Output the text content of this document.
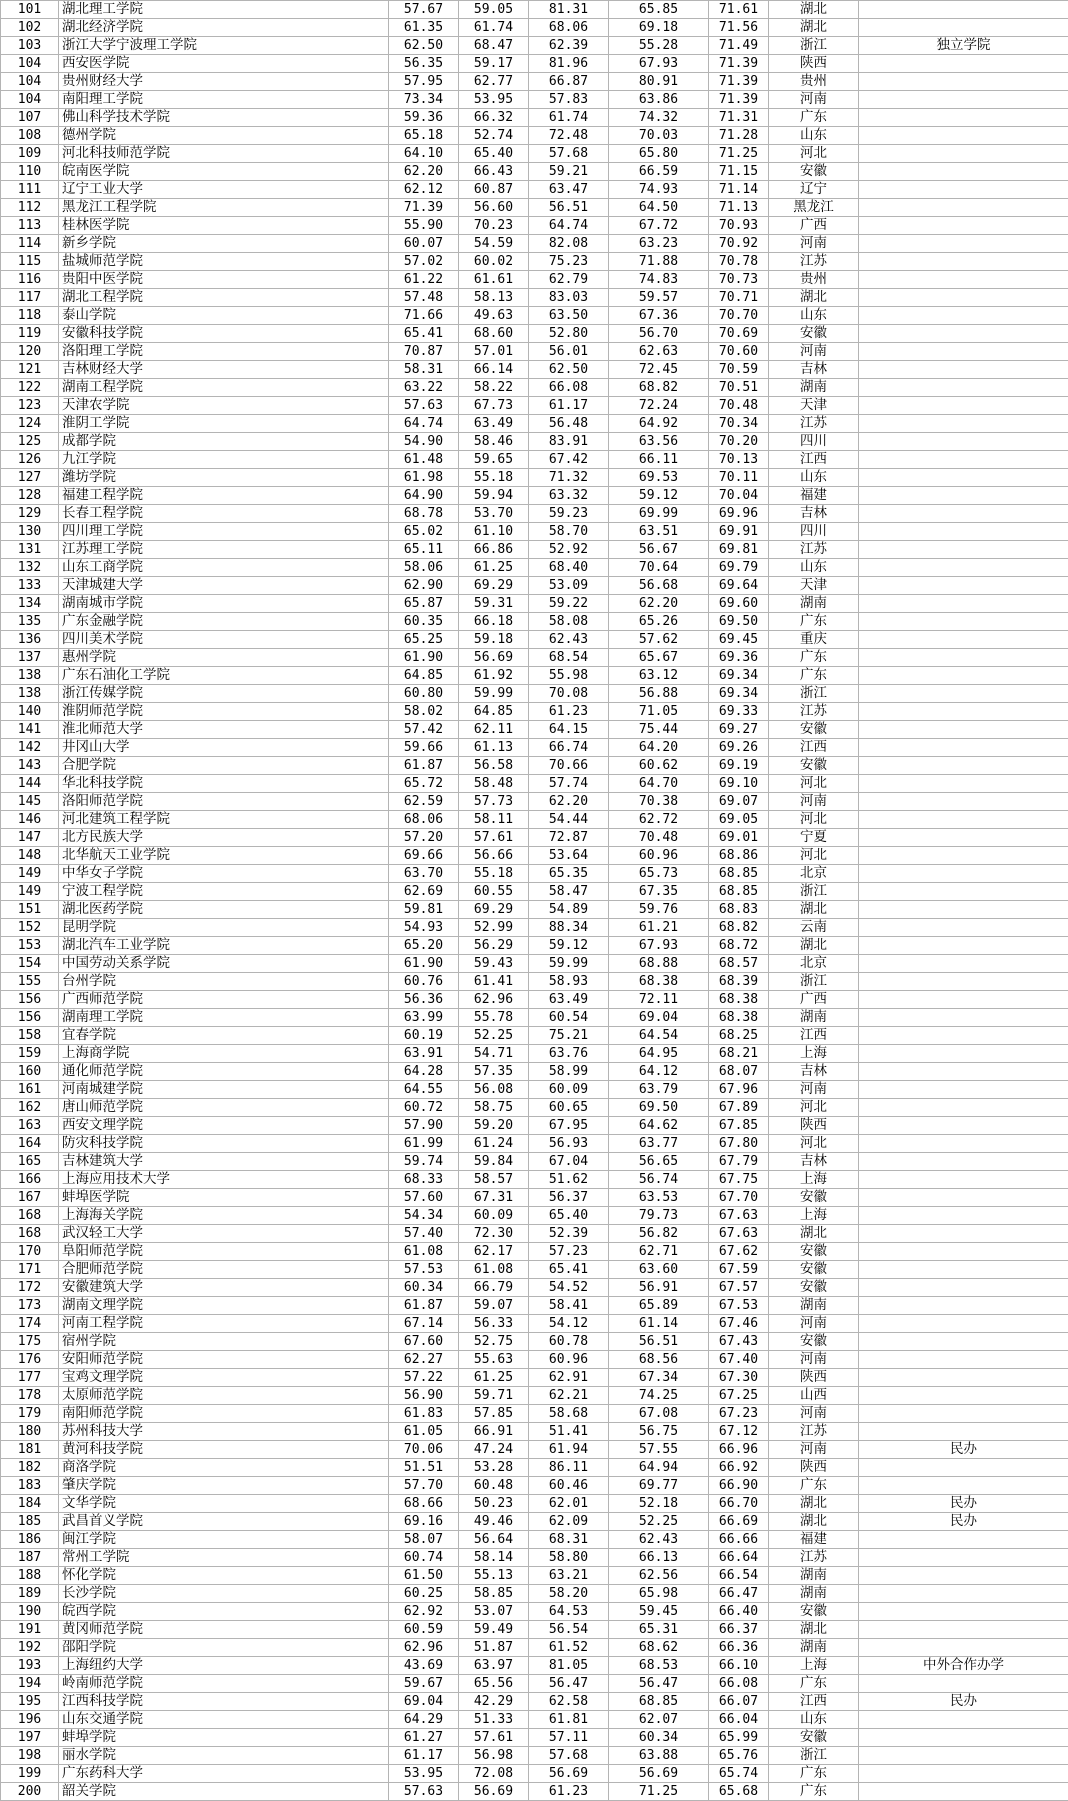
101	湖北理工学院	57.67	59.05	81.31	65.85	71.61	湖北	
102	湖北经济学院	61.35	61.74	68.06	69.18	71.56	湖北	
103	浙江大学宁波理工学院	62.50	68.47	62.39	55.28	71.49	浙江	独立学院
104	西安医学院	56.35	59.17	81.96	67.93	71.39	陕西	
104	贵州财经大学	57.95	62.77	66.87	80.91	71.39	贵州	
104	南阳理工学院	73.34	53.95	57.83	63.86	71.39	河南	
107	佛山科学技术学院	59.36	66.32	61.74	74.32	71.31	广东	
108	德州学院	65.18	52.74	72.48	70.03	71.28	山东	
109	河北科技师范学院	64.10	65.40	57.68	65.80	71.25	河北	
110	皖南医学院	62.20	66.43	59.21	66.59	71.15	安徽	
111	辽宁工业大学	62.12	60.87	63.47	74.93	71.14	辽宁	
112	黑龙江工程学院	71.39	56.60	56.51	64.50	71.13	黑龙江	
113	桂林医学院	55.90	70.23	64.74	67.72	70.93	广西	
114	新乡学院	60.07	54.59	82.08	63.23	70.92	河南	
115	盐城师范学院	57.02	60.02	75.23	71.88	70.78	江苏	
116	贵阳中医学院	61.22	61.61	62.79	74.83	70.73	贵州	
117	湖北工程学院	57.48	58.13	83.03	59.57	70.71	湖北	
118	泰山学院	71.66	49.63	63.50	67.36	70.70	山东	
119	安徽科技学院	65.41	68.60	52.80	56.70	70.69	安徽	
120	洛阳理工学院	70.87	57.01	56.01	62.63	70.60	河南	
121	吉林财经大学	58.31	66.14	62.50	72.45	70.59	吉林	
122	湖南工程学院	63.22	58.22	66.08	68.82	70.51	湖南	
123	天津农学院	57.63	67.73	61.17	72.24	70.48	天津	
124	淮阴工学院	64.74	63.49	56.48	64.92	70.34	江苏	
125	成都学院	54.90	58.46	83.91	63.56	70.20	四川	
126	九江学院	61.48	59.65	67.42	66.11	70.13	江西	
127	潍坊学院	61.98	55.18	71.32	69.53	70.11	山东	
128	福建工程学院	64.90	59.94	63.32	59.12	70.04	福建	
129	长春工程学院	68.78	53.70	59.23	69.99	69.96	吉林	
130	四川理工学院	65.02	61.10	58.70	63.51	69.91	四川	
131	江苏理工学院	65.11	66.86	52.92	56.67	69.81	江苏	
132	山东工商学院	58.06	61.25	68.40	70.64	69.79	山东	
133	天津城建大学	62.90	69.29	53.09	56.68	69.64	天津	
134	湖南城市学院	65.87	59.31	59.22	62.20	69.60	湖南	
135	广东金融学院	60.35	66.18	58.08	65.26	69.50	广东	
136	四川美术学院	65.25	59.18	62.43	57.62	69.45	重庆	
137	惠州学院	61.90	56.69	68.54	65.67	69.36	广东	
138	广东石油化工学院	64.85	61.92	55.98	63.12	69.34	广东	
138	浙江传媒学院	60.80	59.99	70.08	56.88	69.34	浙江	
140	淮阴师范学院	58.02	64.85	61.23	71.05	69.33	江苏	
141	淮北师范大学	57.42	62.11	64.15	75.44	69.27	安徽	
142	井冈山大学	59.66	61.13	66.74	64.20	69.26	江西	
143	合肥学院	61.87	56.58	70.66	60.62	69.19	安徽	
144	华北科技学院	65.72	58.48	57.74	64.70	69.10	河北	
145	洛阳师范学院	62.59	57.73	62.20	70.38	69.07	河南	
146	河北建筑工程学院	68.06	58.11	54.44	62.72	69.05	河北	
147	北方民族大学	57.20	57.61	72.87	70.48	69.01	宁夏	
148	北华航天工业学院	69.66	56.66	53.64	60.96	68.86	河北	
149	中华女子学院	63.70	55.18	65.35	65.73	68.85	北京	
149	宁波工程学院	62.69	60.55	58.47	67.35	68.85	浙江	
151	湖北医药学院	59.81	69.29	54.89	59.76	68.83	湖北	
152	昆明学院	54.93	52.99	88.34	61.21	68.82	云南	
153	湖北汽车工业学院	65.20	56.29	59.12	67.93	68.72	湖北	
154	中国劳动关系学院	61.90	59.43	59.99	68.88	68.57	北京	
155	台州学院	60.76	61.41	58.93	68.38	68.39	浙江	
156	广西师范学院	56.36	62.96	63.49	72.11	68.38	广西	
156	湖南理工学院	63.99	55.78	60.54	69.04	68.38	湖南	
158	宜春学院	60.19	52.25	75.21	64.54	68.25	江西	
159	上海商学院	63.91	54.71	63.76	64.95	68.21	上海	
160	通化师范学院	64.28	57.35	58.99	64.12	68.07	吉林	
161	河南城建学院	64.55	56.08	60.09	63.79	67.96	河南	
162	唐山师范学院	60.72	58.75	60.65	69.50	67.89	河北	
163	西安文理学院	57.90	59.20	67.95	64.62	67.85	陕西	
164	防灾科技学院	61.99	61.24	56.93	63.77	67.80	河北	
165	吉林建筑大学	59.74	59.84	67.04	56.65	67.79	吉林	
166	上海应用技术大学	68.33	58.57	51.62	56.74	67.75	上海	
167	蚌埠医学院	57.60	67.31	56.37	63.53	67.70	安徽	
168	上海海关学院	54.34	60.09	65.40	79.73	67.63	上海	
168	武汉轻工大学	57.40	72.30	52.39	56.82	67.63	湖北	
170	阜阳师范学院	61.08	62.17	57.23	62.71	67.62	安徽	
171	合肥师范学院	57.53	61.08	65.41	63.60	67.59	安徽	
172	安徽建筑大学	60.34	66.79	54.52	56.91	67.57	安徽	
173	湖南文理学院	61.87	59.07	58.41	65.89	67.53	湖南	
174	河南工程学院	67.14	56.33	54.12	61.14	67.46	河南	
175	宿州学院	67.60	52.75	60.78	56.51	67.43	安徽	
176	安阳师范学院	62.27	55.63	60.96	68.56	67.40	河南	
177	宝鸡文理学院	57.22	61.25	62.91	67.34	67.30	陕西	
178	太原师范学院	56.90	59.71	62.21	74.25	67.25	山西	
179	南阳师范学院	61.83	57.85	58.68	67.08	67.23	河南	
180	苏州科技大学	61.05	66.91	51.41	56.75	67.12	江苏	
181	黄河科技学院	70.06	47.24	61.94	57.55	66.96	河南	民办
182	商洛学院	51.51	53.28	86.11	64.94	66.92	陕西	
183	肇庆学院	57.70	60.48	60.46	69.77	66.90	广东	
184	文华学院	68.66	50.23	62.01	52.18	66.70	湖北	民办
185	武昌首义学院	69.16	49.46	62.09	52.25	66.69	湖北	民办
186	闽江学院	58.07	56.64	68.31	62.43	66.66	福建	
187	常州工学院	60.74	58.14	58.80	66.13	66.64	江苏	
188	怀化学院	61.50	55.13	63.21	62.56	66.54	湖南	
189	长沙学院	60.25	58.85	58.20	65.98	66.47	湖南	
190	皖西学院	62.92	53.07	64.53	59.45	66.40	安徽	
191	黄冈师范学院	60.59	59.49	56.54	65.31	66.37	湖北	
192	邵阳学院	62.96	51.87	61.52	68.62	66.36	湖南	
193	上海纽约大学	43.69	63.97	81.05	68.53	66.10	上海	中外合作办学
194	岭南师范学院	59.67	65.56	56.47	56.47	66.08	广东	
195	江西科技学院	69.04	42.29	62.58	68.85	66.07	江西	民办
196	山东交通学院	64.29	51.33	61.81	62.07	66.04	山东	
197	蚌埠学院	61.27	57.61	57.11	60.34	65.99	安徽	
198	丽水学院	61.17	56.98	57.68	63.88	65.76	浙江	
199	广东药科大学	53.95	72.08	56.69	56.69	65.74	广东	
200	韶关学院	57.63	56.69	61.23	71.25	65.68	广东	
